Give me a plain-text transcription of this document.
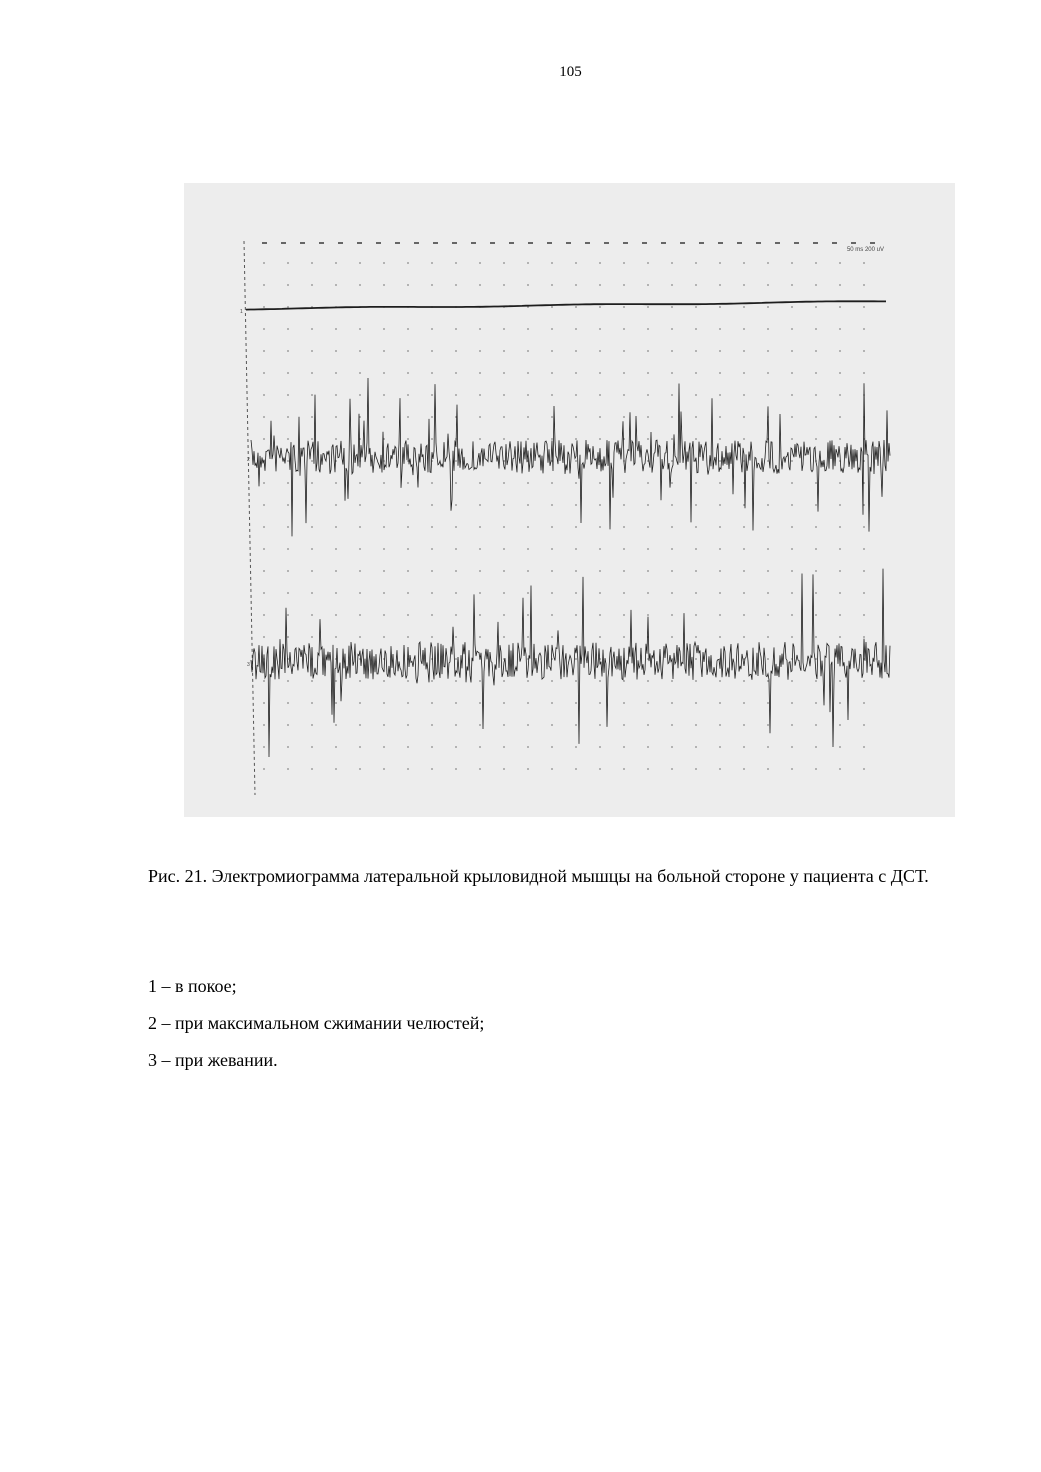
105
50 ms 200 uV
1
2
3
Рис. 21. Электромиограмма латеральной крыловидной мышцы на больной стороне у пациента с ДСТ.
1 – в покое;
2 – при максимальном сжимании челюстей;
3 – при жевании.
